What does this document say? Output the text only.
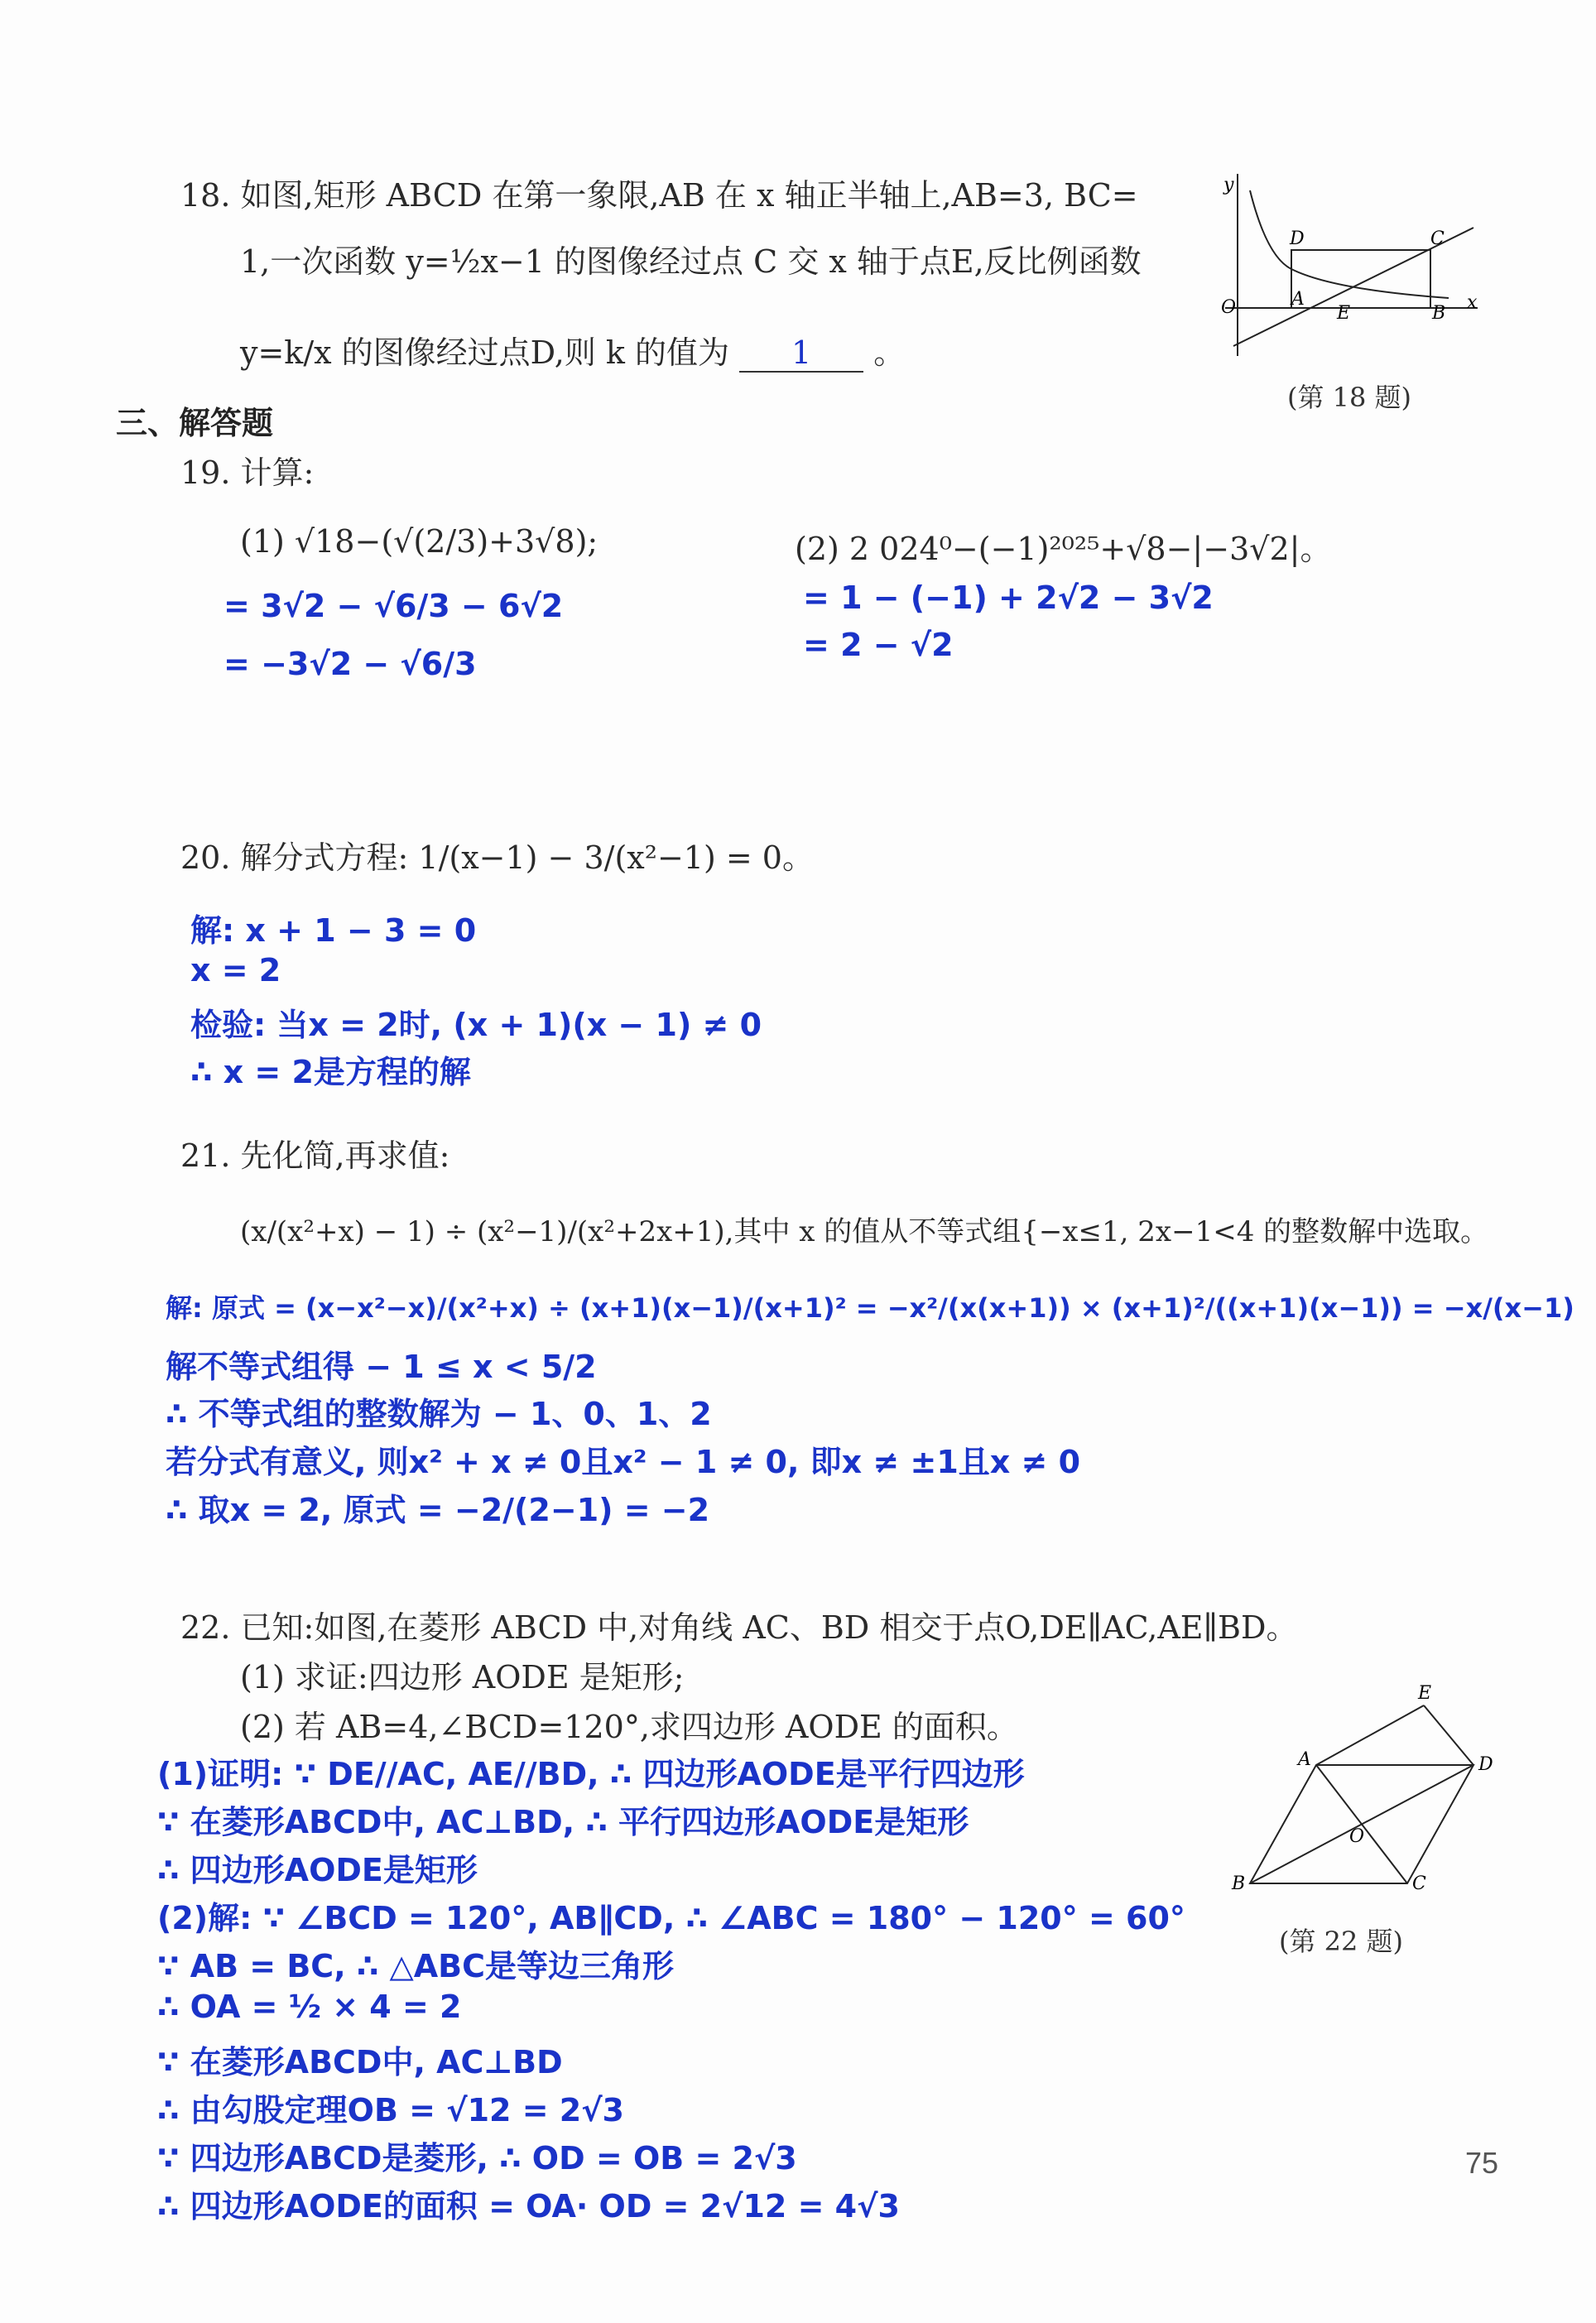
18. 如图,矩形 ABCD 在第一象限,AB 在 x 轴正半轴上,AB=3, BC=
1,一次函数 y=½x−1 的图像经过点 C 交 x 轴于点E,反比例函数
y=k/x 的图像经过点D,则 k 的值为 1 。
y
x
O	A
E	B
C
D
(第 18 题)
三、解答题
19. 计算:
(1) √18−(√(2/3)+3√8);	(2) 2 024⁰−(−1)²⁰²⁵+√8−|−3√2|。
= 3√2 − √6/3 − 6√2
= −3√2 − √6/3
= 1 − (−1) + 2√2 − 3√2
= 2 − √2
20. 解分式方程: 1/(x−1) − 3/(x²−1) = 0。
解: x + 1 − 3 = 0
x = 2
检验: 当x = 2时, (x + 1)(x − 1) ≠ 0
∴ x = 2是方程的解
21. 先化简,再求值:
(x/(x²+x) − 1) ÷ (x²−1)/(x²+2x+1),其中 x 的值从不等式组{−x≤1, 2x−1<4 的整数解中选取。
解: 原式 = (x−x²−x)/(x²+x) ÷ (x+1)(x−1)/(x+1)² = −x²/(x(x+1)) × (x+1)²/((x+1)(x−1)) = −x/(x−1)
解不等式组得 − 1 ≤ x < 5/2
∴ 不等式组的整数解为 − 1、0、1、2
若分式有意义, 则x² + x ≠ 0且x² − 1 ≠ 0, 即x ≠ ±1且x ≠ 0
∴ 取x = 2, 原式 = −2/(2−1) = −2
22. 已知:如图,在菱形 ABCD 中,对角线 AC、BD 相交于点O,DE∥AC,AE∥BD。
(1) 求证:四边形 AODE 是矩形;
(2) 若 AB=4,∠BCD=120°,求四边形 AODE 的面积。
(1)证明: ∵ DE//AC, AE//BD, ∴ 四边形AODE是平行四边形
∵ 在菱形ABCD中, AC⊥BD, ∴ 平行四边形AODE是矩形
∴ 四边形AODE是矩形
(2)解: ∵ ∠BCD = 120°, AB∥CD, ∴ ∠ABC = 180° − 120° = 60°
∵ AB = BC, ∴ △ABC是等边三角形
∴ OA = ½ × 4 = 2
∵ 在菱形ABCD中, AC⊥BD
∴ 由勾股定理OB = √12 = 2√3
∵ 四边形ABCD是菱形, ∴ OD = OB = 2√3
∴ 四边形AODE的面积 = OA· OD = 2√12 = 4√3
E
A	D
O
B	C
(第 22 题)
75
